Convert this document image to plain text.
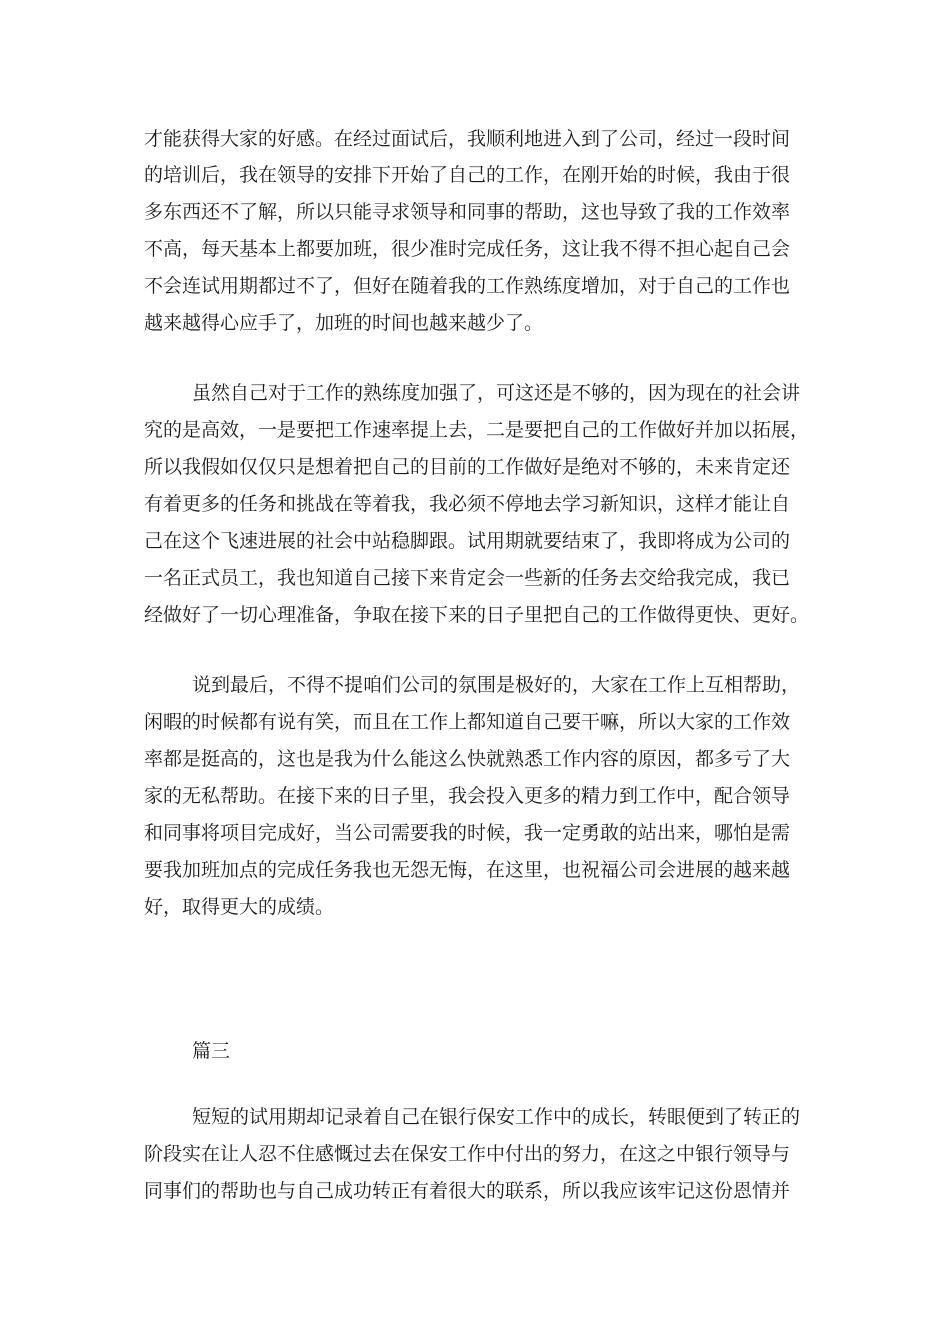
才能获得大家的好感。在经过面试后，我顺利地进入到了公司，经过一段时间

的培训后，我在领导的安排下开始了自己的工作，在刚开始的时候，我由于很

多东西还不了解，所以只能寻求领导和同事的帮助，这也导致了我的工作效率

不高，每天基本上都要加班，很少准时完成任务，这让我不得不担心起自己会

不会连试用期都过不了，但好在随着我的工作熟练度增加，对于自己的工作也

越来越得心应手了，加班的时间也越来越少了。

虽然自己对于工作的熟练度加强了，可这还是不够的，因为现在的社会讲

究的是高效，一是要把工作速率提上去，二是要把自己的工作做好并加以拓展，

所以我假如仅仅只是想着把自己的目前的工作做好是绝对不够的，未来肯定还

有着更多的任务和挑战在等着我，我必须不停地去学习新知识，这样才能让自

己在这个飞速进展的社会中站稳脚跟。试用期就要结束了，我即将成为公司的

一名正式员工，我也知道自己接下来肯定会一些新的任务去交给我完成，我已

经做好了一切心理准备，争取在接下来的日子里把自己的工作做得更快、更好。

说到最后，不得不提咱们公司的氛围是极好的，大家在工作上互相帮助，

闲暇的时候都有说有笑，而且在工作上都知道自己要干嘛，所以大家的工作效

率都是挺高的，这也是我为什么能这么快就熟悉工作内容的原因，都多亏了大

家的无私帮助。在接下来的日子里，我会投入更多的精力到工作中，配合领导

和同事将项目完成好，当公司需要我的时候，我一定勇敢的站出来，哪怕是需

要我加班加点的完成任务我也无怨无悔，在这里，也祝福公司会进展的越来越

好，取得更大的成绩。

篇三

短短的试用期却记录着自己在银行保安工作中的成长，转眼便到了转正的

阶段实在让人忍不住感慨过去在保安工作中付出的努力，在这之中银行领导与

同事们的帮助也与自己成功转正有着很大的联系，所以我应该牢记这份恩情并
